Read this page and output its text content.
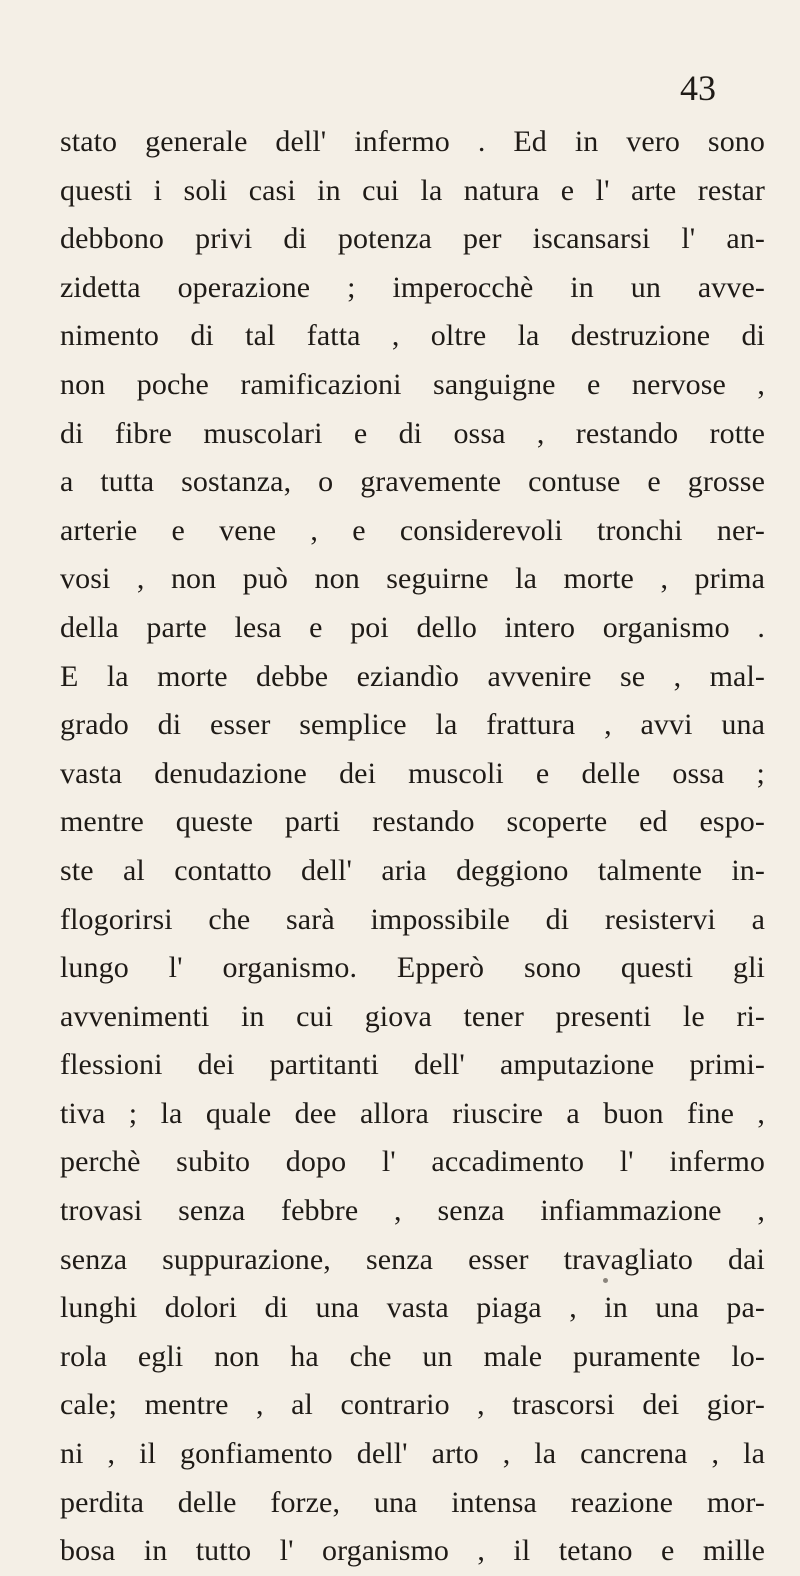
43
stato generale dell' infermo . Ed in vero sono
questi i soli casi in cui la natura e l' arte restar
debbono privi di potenza per iscansarsi l' an-
zidetta operazione ; imperocchè in un avve-
nimento di tal fatta , oltre la destruzione di
non poche ramificazioni sanguigne e nervose ,
di fibre muscolari e di ossa , restando rotte
a tutta sostanza, o gravemente contuse e grosse
arterie e vene , e considerevoli tronchi ner-
vosi , non può non seguirne la morte , prima
della parte lesa e poi dello intero organismo .
E la morte debbe eziandìo avvenire se , mal-
grado di esser semplice la frattura , avvi una
vasta denudazione dei muscoli e delle ossa ;
mentre queste parti restando scoperte ed espo-
ste al contatto dell' aria deggiono talmente in-
flogorirsi che sarà impossibile di resistervi a
lungo l' organismo. Epperò sono questi gli
avvenimenti in cui giova tener presenti le ri-
flessioni dei partitanti dell' amputazione primi-
tiva ; la quale dee allora riuscire a buon fine ,
perchè subito dopo l' accadimento l' infermo
trovasi senza febbre , senza infiammazione ,
senza suppurazione, senza esser travagliato dai
lunghi dolori di una vasta piaga , in una pa-
rola egli non ha che un male puramente lo-
cale; mentre , al contrario , trascorsi dei gior-
ni , il gonfiamento dell' arto , la cancrena , la
perdita delle forze, una intensa reazione mor-
bosa in tutto l' organismo , il tetano e mille
